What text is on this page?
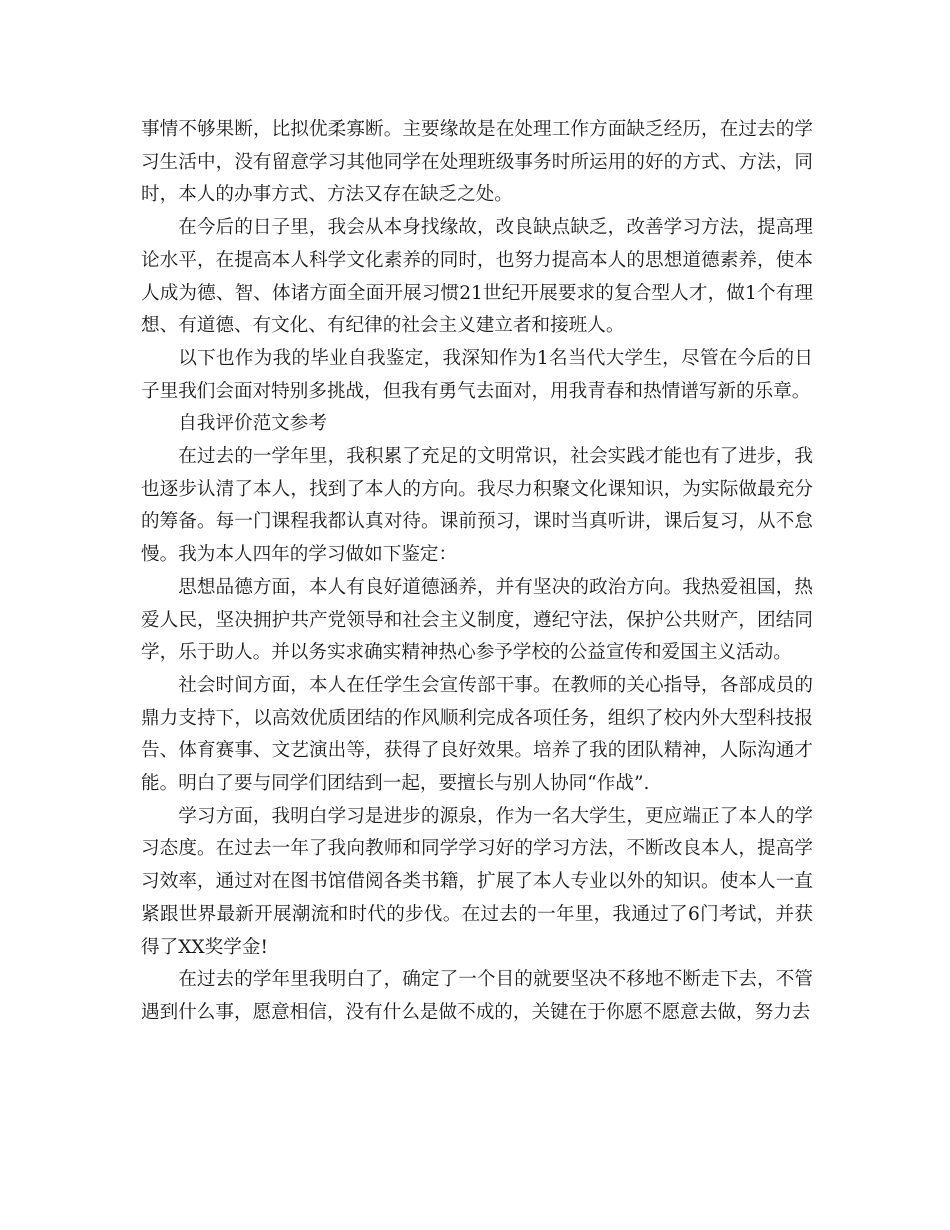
事情不够果断，比拟优柔寡断。主要缘故是在处理工作方面缺乏经历，在过去的学习生活中，没有留意学习其他同学在处理班级事务时所运用的好的方式、方法，同时，本人的办事方式、方法又存在缺乏之处。

在今后的日子里，我会从本身找缘故，改良缺点缺乏，改善学习方法，提高理论水平，在提高本人科学文化素养的同时，也努力提高本人的思想道德素养，使本人成为德、智、体诸方面全面开展习惯21世纪开展要求的复合型人才，做1个有理想、有道德、有文化、有纪律的社会主义建立者和接班人。

以下也作为我的毕业自我鉴定，我深知作为1名当代大学生，尽管在今后的日子里我们会面对特别多挑战，但我有勇气去面对，用我青春和热情谱写新的乐章。

自我评价范文参考

在过去的一学年里，我积累了充足的文明常识，社会实践才能也有了进步，我也逐步认清了本人，找到了本人的方向。我尽力积聚文化课知识，为实际做最充分的筹备。每一门课程我都认真对待。课前预习，课时当真听讲，课后复习，从不怠慢。我为本人四年的学习做如下鉴定：

思想品德方面，本人有良好道德涵养，并有坚决的政治方向。我热爱祖国，热爱人民，坚决拥护共产党领导和社会主义制度，遵纪守法，保护公共财产，团结同学，乐于助人。并以务实求确实精神热心参予学校的公益宣传和爱国主义活动。

社会时间方面，本人在任学生会宣传部干事。在教师的关心指导，各部成员的鼎力支持下，以高效优质团结的作风顺利完成各项任务，组织了校内外大型科技报告、体育赛事、文艺演出等，获得了良好效果。培养了我的团队精神，人际沟通才能。明白了要与同学们团结到一起，要擅长与别人协同“作战”.

学习方面，我明白学习是进步的源泉，作为一名大学生，更应端正了本人的学习态度。在过去一年了我向教师和同学学习好的学习方法，不断改良本人，提高学习效率，通过对在图书馆借阅各类书籍，扩展了本人专业以外的知识。使本人一直紧跟世界最新开展潮流和时代的步伐。在过去的一年里，我通过了6门考试，并获得了XX奖学金!

在过去的学年里我明白了，确定了一个目的就要坚决不移地不断走下去，不管遇到什么事，愿意相信，没有什么是做不成的，关键在于你愿不愿意去做，努力去
